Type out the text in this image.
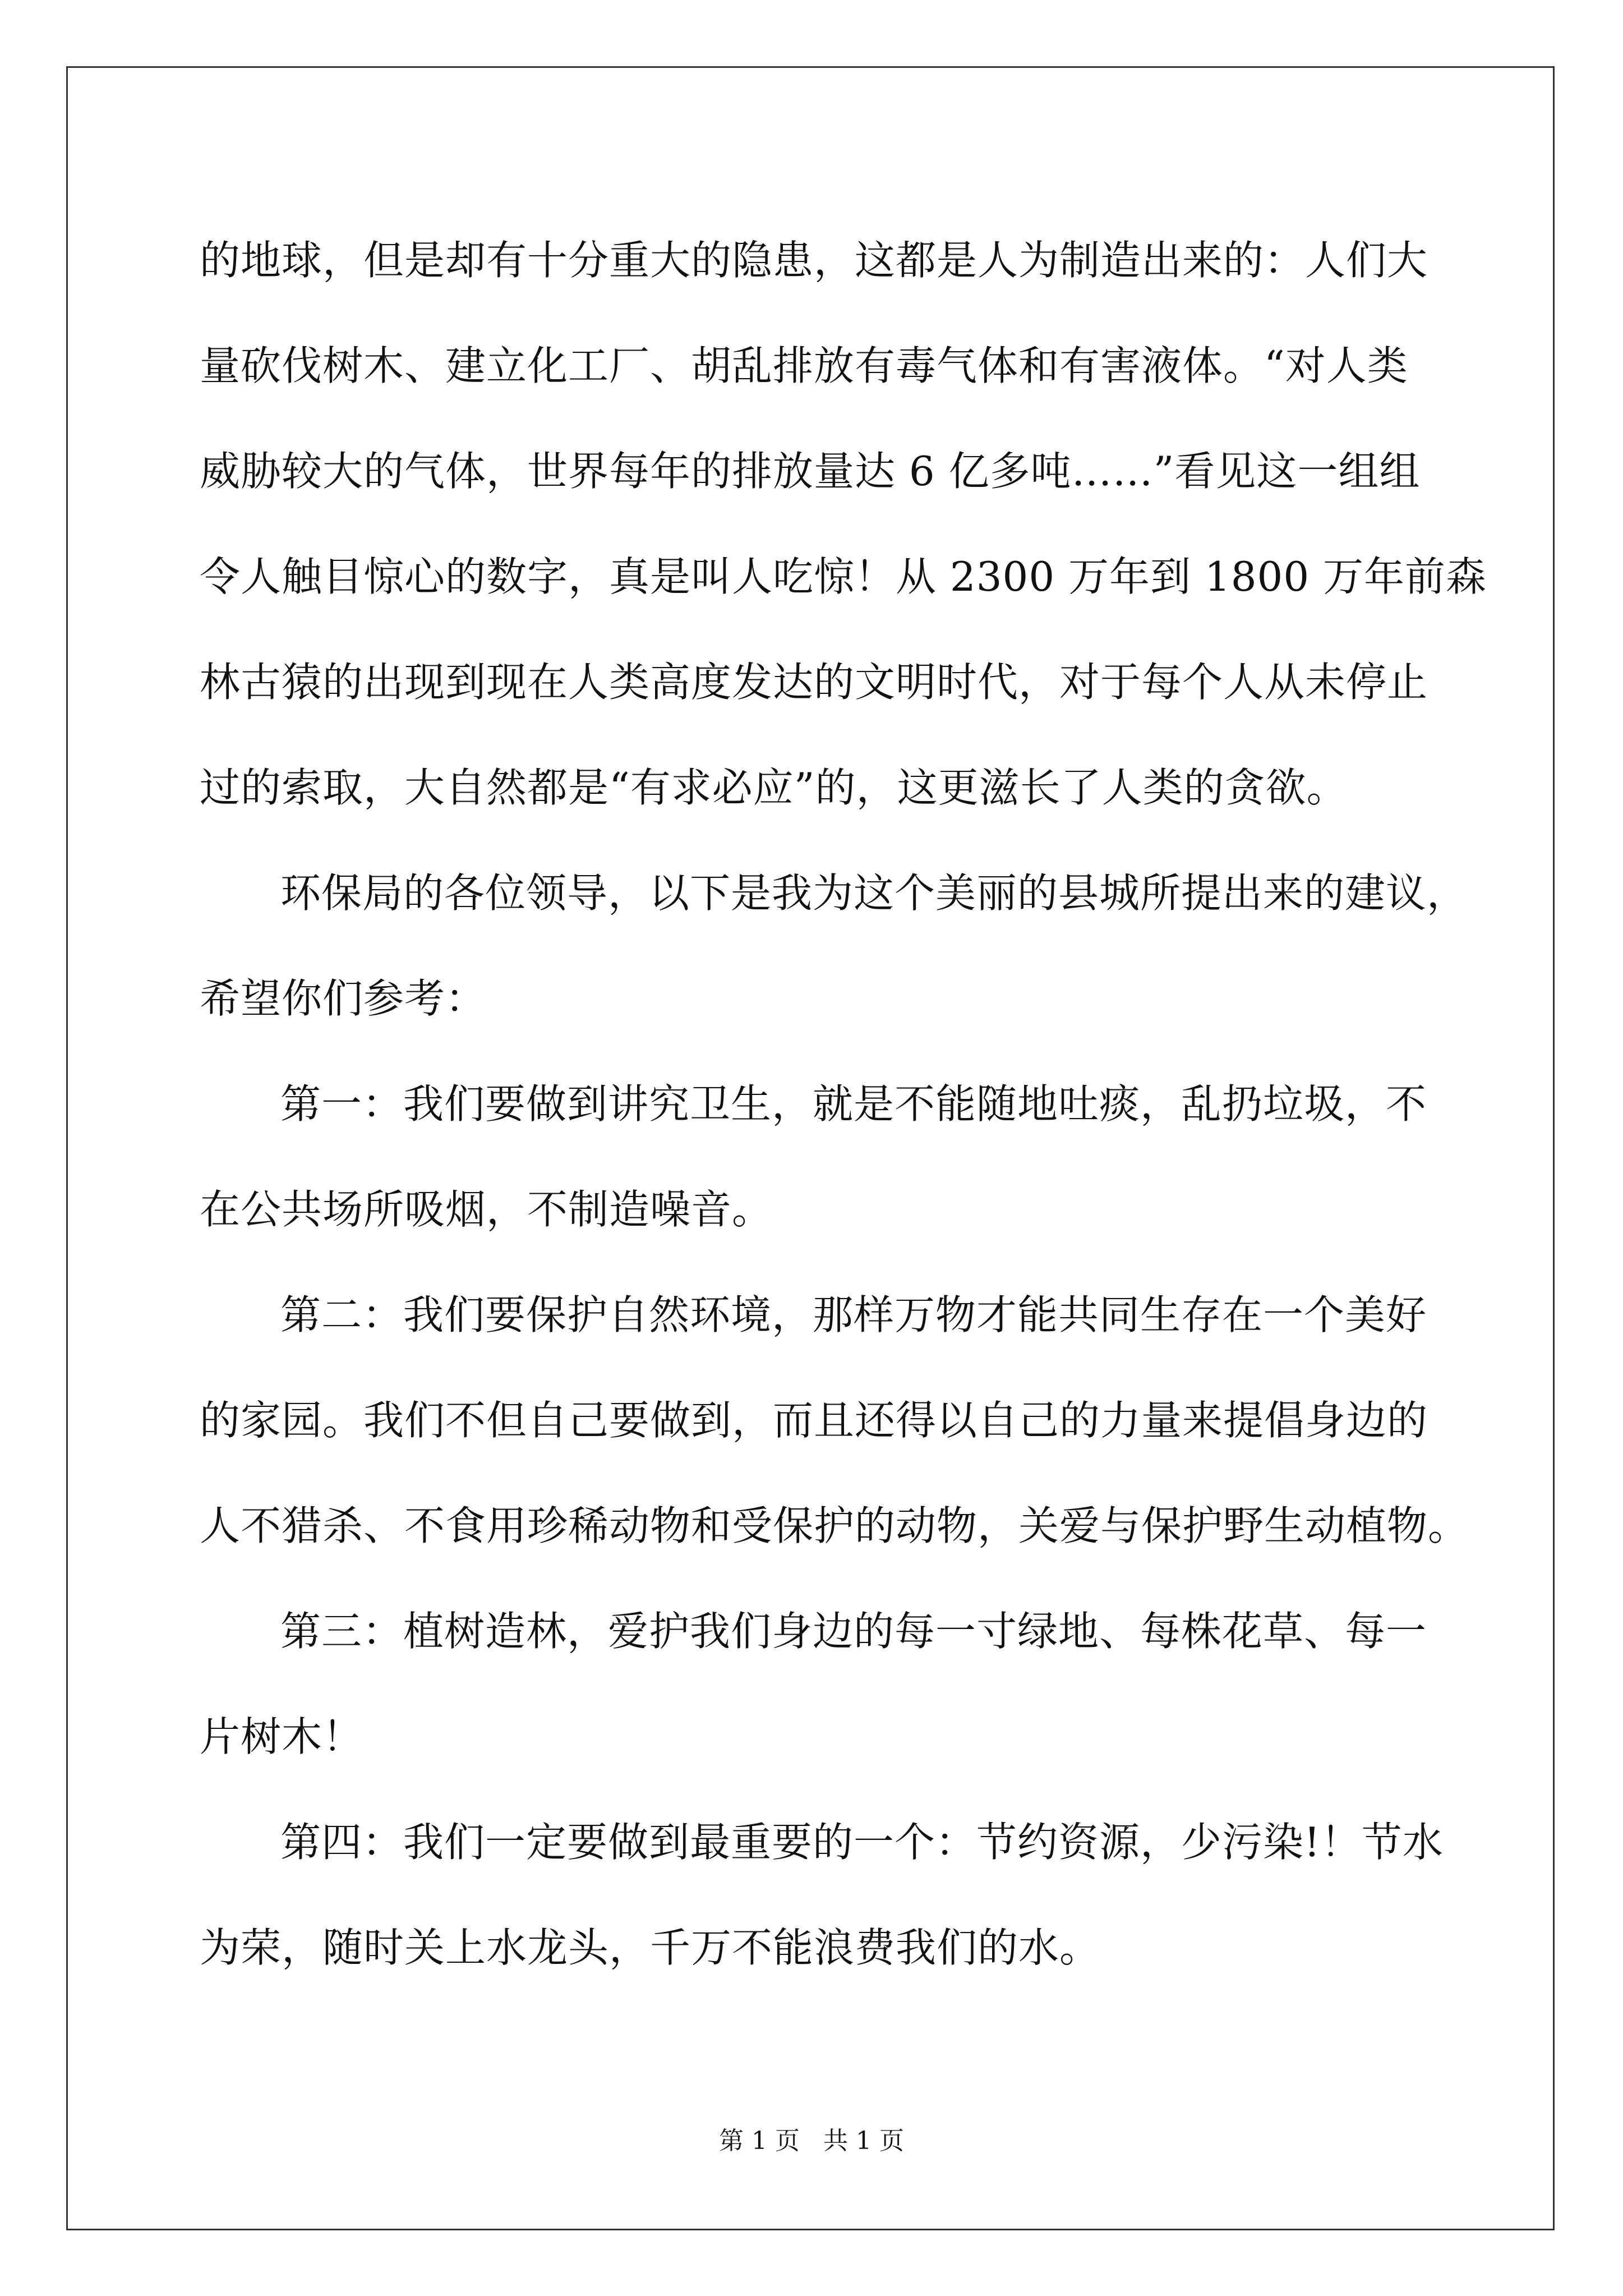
的地球，但是却有十分重大的隐患，这都是人为制造出来的：人们大
量砍伐树木、建立化工厂、胡乱排放有毒气体和有害液体。“对人类
威胁较大的气体，世界每年的排放量达 6 亿多吨……”看见这一组组
令人触目惊心的数字，真是叫人吃惊！从 2300 万年到 1800 万年前森
林古猿的出现到现在人类高度发达的文明时代，对于每个人从未停止
过的索取，大自然都是“有求必应”的，这更滋长了人类的贪欲。

环保局的各位领导，以下是我为这个美丽的县城所提出来的建议，
希望你们参考：

第一：我们要做到讲究卫生，就是不能随地吐痰，乱扔垃圾，不
在公共场所吸烟，不制造噪音。

第二：我们要保护自然环境，那样万物才能共同生存在一个美好
的家园。我们不但自己要做到，而且还得以自己的力量来提倡身边的
人不猎杀、不食用珍稀动物和受保护的动物，关爱与保护野生动植物。

第三：植树造林，爱护我们身边的每一寸绿地、每株花草、每一
片树木！

第四：我们一定要做到最重要的一个：节约资源，少污染!！节水
为荣，随时关上水龙头，千万不能浪费我们的水。

第 1 页 共 1 页
